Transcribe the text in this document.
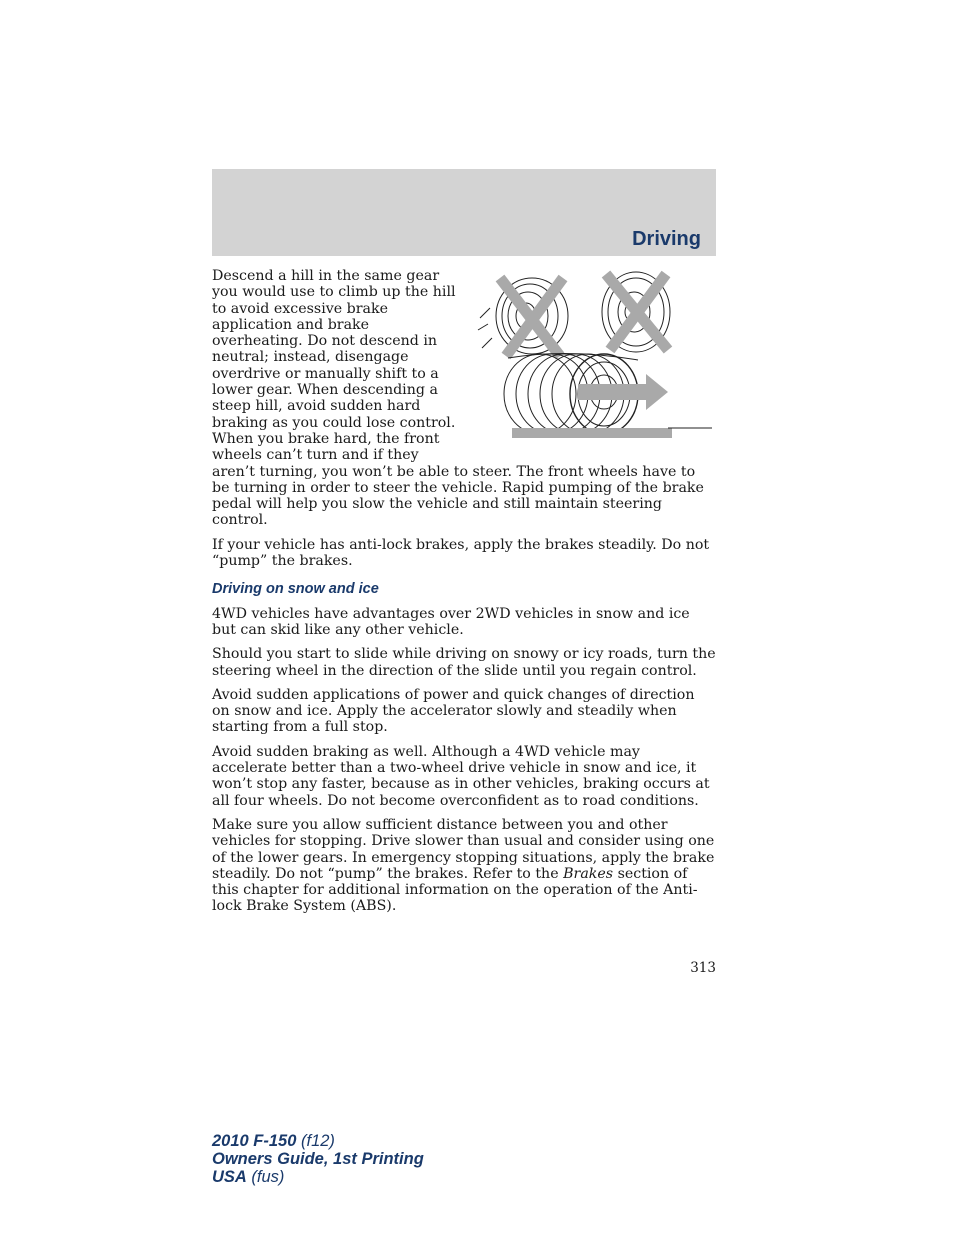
Driving

Descend a hill in the same gear you would use to climb up the hill to avoid excessive brake application and brake overheating. Do not descend in neutral; instead, disengage overdrive or manually shift to a lower gear. When descending a steep hill, avoid sudden hard braking as you could lose control. When you brake hard, the front wheels can’t turn and if they aren’t turning, you won’t be able to steer. The front wheels have to be turning in order to steer the vehicle. Rapid pumping of the brake pedal will help you slow the vehicle and still maintain steering control.

If your vehicle has anti-lock brakes, apply the brakes steadily. Do not “pump” the brakes.

Driving on snow and ice

4WD vehicles have advantages over 2WD vehicles in snow and ice but can skid like any other vehicle.

Should you start to slide while driving on snowy or icy roads, turn the steering wheel in the direction of the slide until you regain control.

Avoid sudden applications of power and quick changes of direction on snow and ice. Apply the accelerator slowly and steadily when starting from a full stop.

Avoid sudden braking as well. Although a 4WD vehicle may accelerate better than a two-wheel drive vehicle in snow and ice, it won’t stop any faster, because as in other vehicles, braking occurs at all four wheels. Do not become overconfident as to road conditions.

Make sure you allow sufficient distance between you and other vehicles for stopping. Drive slower than usual and consider using one of the lower gears. In emergency stopping situations, apply the brake steadily. Do not “pump” the brakes. Refer to the Brakes section of this chapter for additional information on the operation of the Anti-lock Brake System (ABS).

313
2010 F-150 (f12)
Owners Guide, 1st Printing
USA (fus)
